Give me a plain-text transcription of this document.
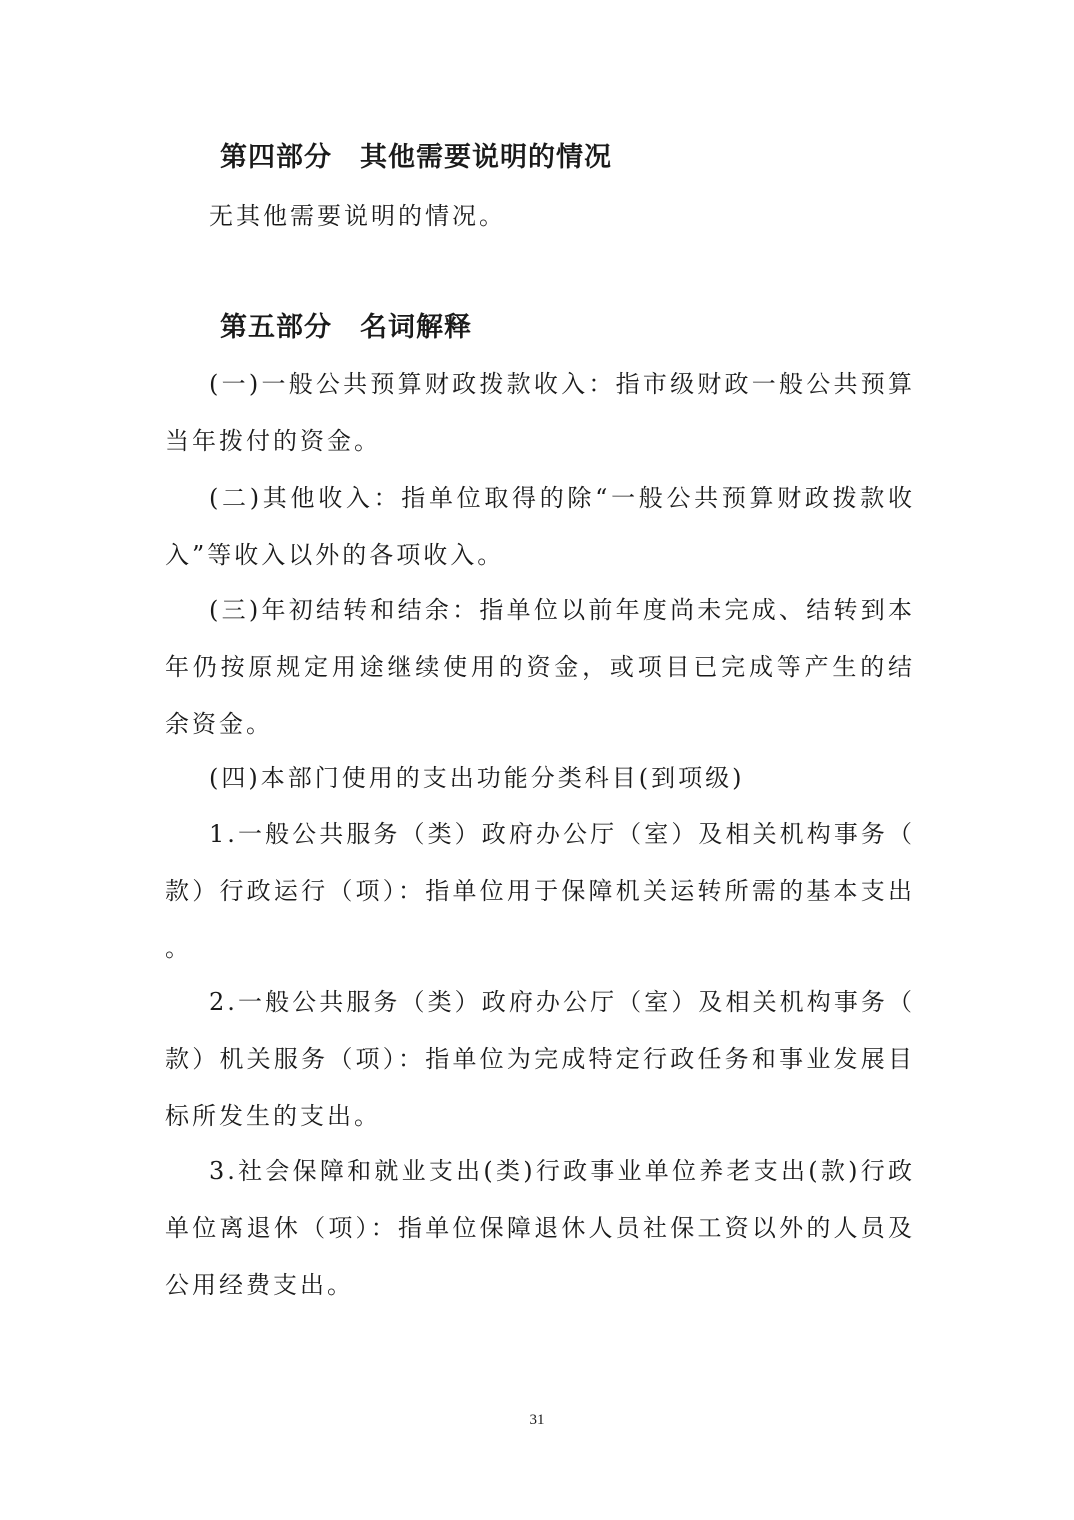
第四部分　其他需要说明的情况

无其他需要说明的情况。

第五部分　名词解释

(一)一般公共预算财政拨款收入：指市级财政一般公共预算当年拨付的资金。

(二)其他收入：指单位取得的除“一般公共预算财政拨款收入”等收入以外的各项收入。

(三)年初结转和结余：指单位以前年度尚未完成、结转到本年仍按原规定用途继续使用的资金，或项目已完成等产生的结余资金。

(四)本部门使用的支出功能分类科目(到项级)

1.一般公共服务（类）政府办公厅（室）及相关机构事务（款）行政运行（项）：指单位用于保障机关运转所需的基本支出。

2.一般公共服务（类）政府办公厅（室）及相关机构事务（款）机关服务（项）：指单位为完成特定行政任务和事业发展目标所发生的支出。

3.社会保障和就业支出(类)行政事业单位养老支出(款)行政单位离退休（项）：指单位保障退休人员社保工资以外的人员及公用经费支出。

31
